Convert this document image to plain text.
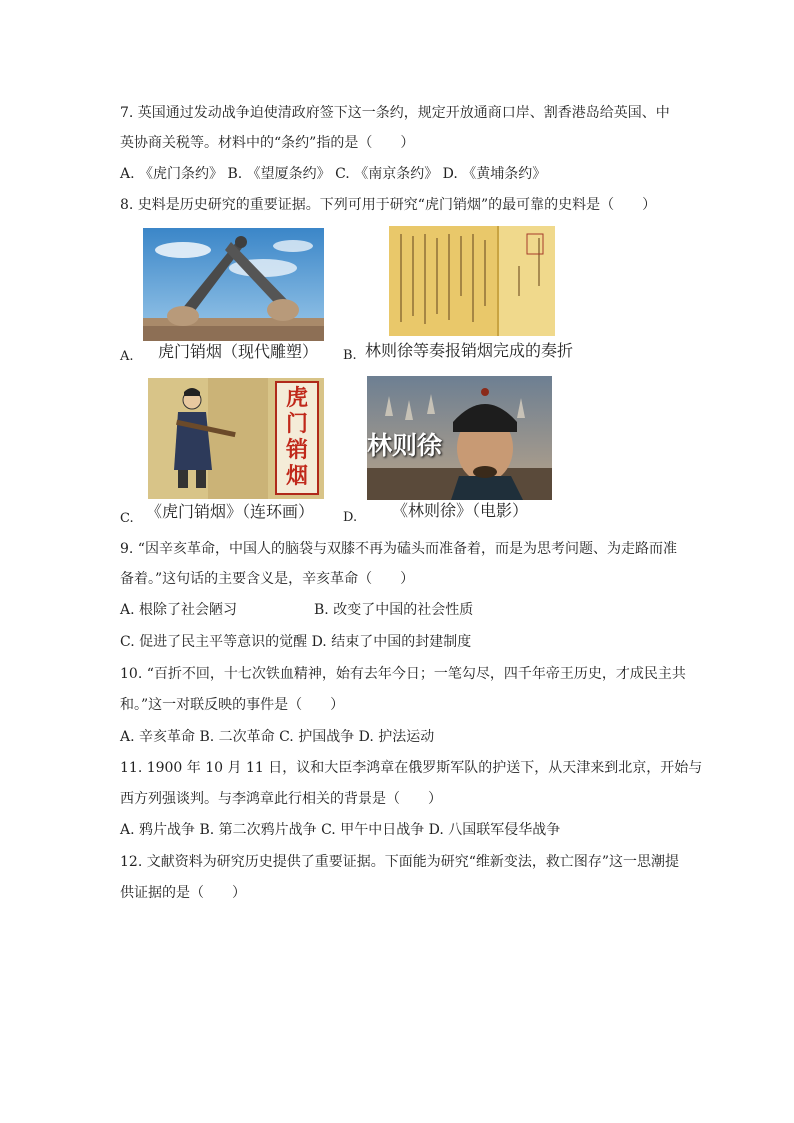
7. 英国通过发动战争迫使清政府签下这一条约，规定开放通商口岸、割香港岛给英国、中
英协商关税等。材料中的“条约”指的是（　　）
A. 《虎门条约》 B. 《望厦条约》 C. 《南京条约》 D. 《黄埔条约》
8. 史料是历史研究的重要证据。下列可用于研究“虎门销烟”的最可靠的史料是（　　）
A. 虎门销烟（现代雕塑） B. 林则徐等奏报销烟完成的奏折
虎门销烟
C. 《虎门销烟》（连环画）
林则徐
D. 《林则徐》（电影）
9. “因辛亥革命，中国人的脑袋与双膝不再为磕头而准备着，而是为思考问题、为走路而准
备着。”这句话的主要含义是，辛亥革命（　　）
A. 根除了社会陋习	B. 改变了中国的社会性质
C. 促进了民主平等意识的觉醒 D. 结束了中国的封建制度
10. “百折不回，十七次铁血精神，始有去年今日；一笔勾尽，四千年帝王历史，才成民主共
和。”这一对联反映的事件是（　　）
A. 辛亥革命 B. 二次革命 C. 护国战争 D. 护法运动
11. 1900 年 10 月 11 日，议和大臣李鸿章在俄罗斯军队的护送下，从天津来到北京，开始与
西方列强谈判。与李鸿章此行相关的背景是（　　）
A. 鸦片战争 B. 第二次鸦片战争 C. 甲午中日战争 D. 八国联军侵华战争
12. 文献资料为研究历史提供了重要证据。下面能为研究“维新变法，救亡图存”这一思潮提
供证据的是（　　）
